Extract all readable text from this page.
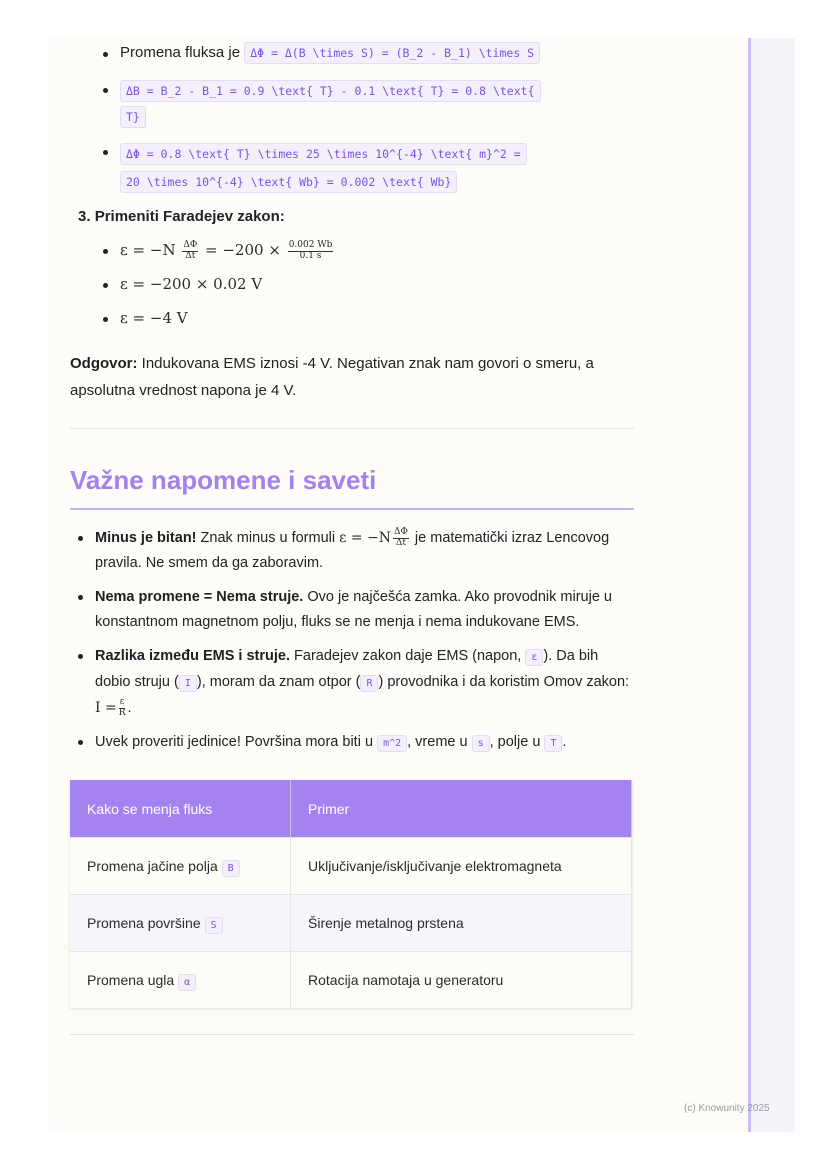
Promena fluksa je ΔΦ = Δ(B \times S) = (B_2 - B_1) \times S
ΔB = B_2 - B_1 = 0.9 \text{ T} - 0.1 \text{ T} = 0.8 \text{
T}
ΔΦ = 0.8 \text{ T} \times 25 \times 10^{-4} \text{ m}^2 =
20 \times 10^{-4} \text{ Wb} = 0.002 \text{ Wb}
3. Primeniti Faradejev zakon:
$\varepsilon = -N \frac{\Delta\Phi}{\Delta t} = -200 \times \frac{0.002 Wb}{0.1 s}$
ε = −200 × 0.02 V
ε = −4 V

Odgovor: Indukovana EMS iznosi -4 V. Negativan znak nam govori o smeru, a apsolutna vrednost napona je 4 V.

Važne napomene i saveti
Minus je bitan! Znak minus u formuli $\varepsilon = -N \frac{\Delta\Phi}{\Delta t}$ je matematički izraz Lencovog pravila. Ne smem da ga zaboravim.
Nema promene = Nema struje. Ovo je najčešća zamka. Ako provodnik miruje u konstantnom magnetnom polju, fluks se ne menja i nema indukovane EMS.
Razlika između EMS i struje. Faradejev zakon daje EMS (napon, ε ). Da bih dobio struju ( I ), moram da znam otpor ( R ) provodnika i da koristim Omov zakon: $I = \frac{\varepsilon}{R}$ .
Uvek proveriti jedinice! Površina mora biti u m^2 , vreme u s , polje u T .
Kako se menja fluks	Primer
Promena jačine polja B	Uključivanje/isključivanje elektromagneta
Promena površine S	Širenje metalnog prstena
Promena ugla α	Rotacija namotaja u generatoru
(c) Knowunity 2025
